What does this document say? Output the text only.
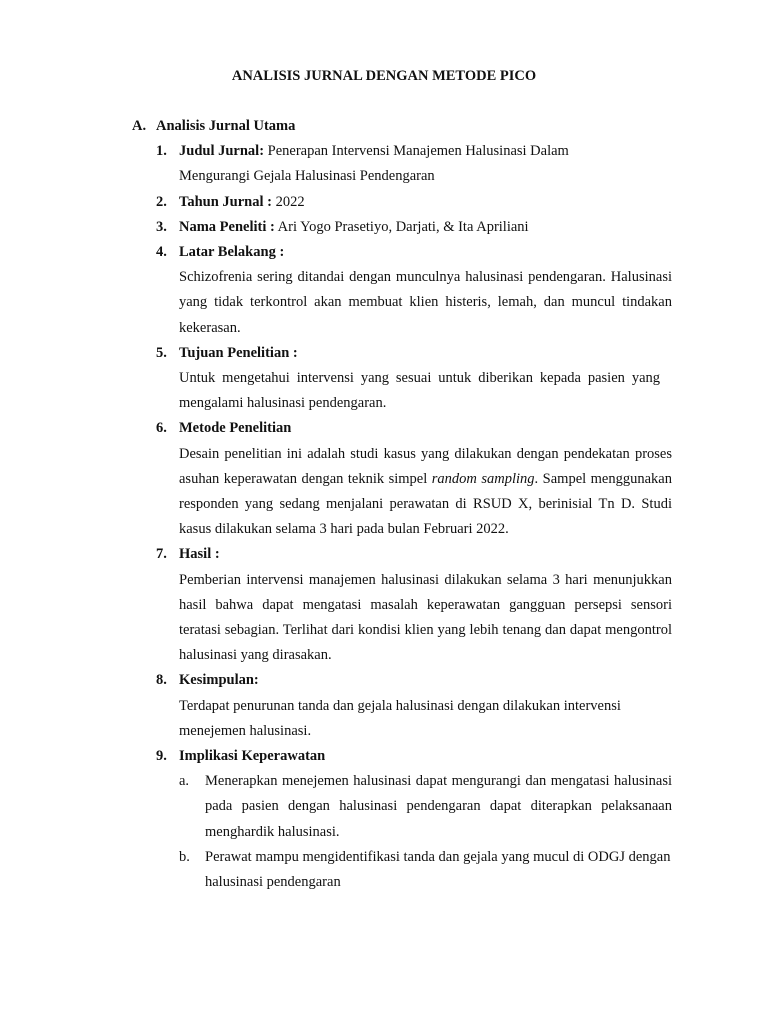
ANALISIS JURNAL DENGAN METODE PICO
A. Analisis Jurnal Utama
1. Judul Jurnal: Penerapan Intervensi Manajemen Halusinasi Dalam
Mengurangi Gejala Halusinasi Pendengaran
2. Tahun Jurnal : 2022
3. Nama Peneliti : Ari Yogo Prasetiyo, Darjati, & Ita Apriliani
4. Latar Belakang :
Schizofrenia sering ditandai dengan munculnya halusinasi pendengaran. Halusinasi yang tidak terkontrol akan membuat klien histeris, lemah, dan muncul tindakan kekerasan.
5. Tujuan Penelitian :
Untuk mengetahui intervensi yang sesuai untuk diberikan kepada pasien yang mengalami halusinasi pendengaran.
6. Metode Penelitian
Desain penelitian ini adalah studi kasus yang dilakukan dengan pendekatan proses asuhan keperawatan dengan teknik simpel random sampling. Sampel menggunakan responden yang sedang menjalani perawatan di RSUD X, berinisial Tn D. Studi kasus dilakukan selama 3 hari pada bulan Februari 2022.
7. Hasil :
Pemberian intervensi manajemen halusinasi dilakukan selama 3 hari menunjukkan hasil bahwa dapat mengatasi masalah keperawatan gangguan persepsi sensori teratasi sebagian. Terlihat dari kondisi klien yang lebih tenang dan dapat mengontrol halusinasi yang dirasakan.
8. Kesimpulan:
Terdapat penurunan tanda dan gejala halusinasi dengan dilakukan intervensi menejemen halusinasi.
9. Implikasi Keperawatan
a.	Menerapkan menejemen halusinasi dapat mengurangi dan mengatasi halusinasi pada pasien dengan halusinasi pendengaran dapat diterapkan pelaksanaan menghardik halusinasi.
b.	Perawat mampu mengidentifikasi tanda dan gejala yang mucul di ODGJ dengan halusinasi pendengaran
